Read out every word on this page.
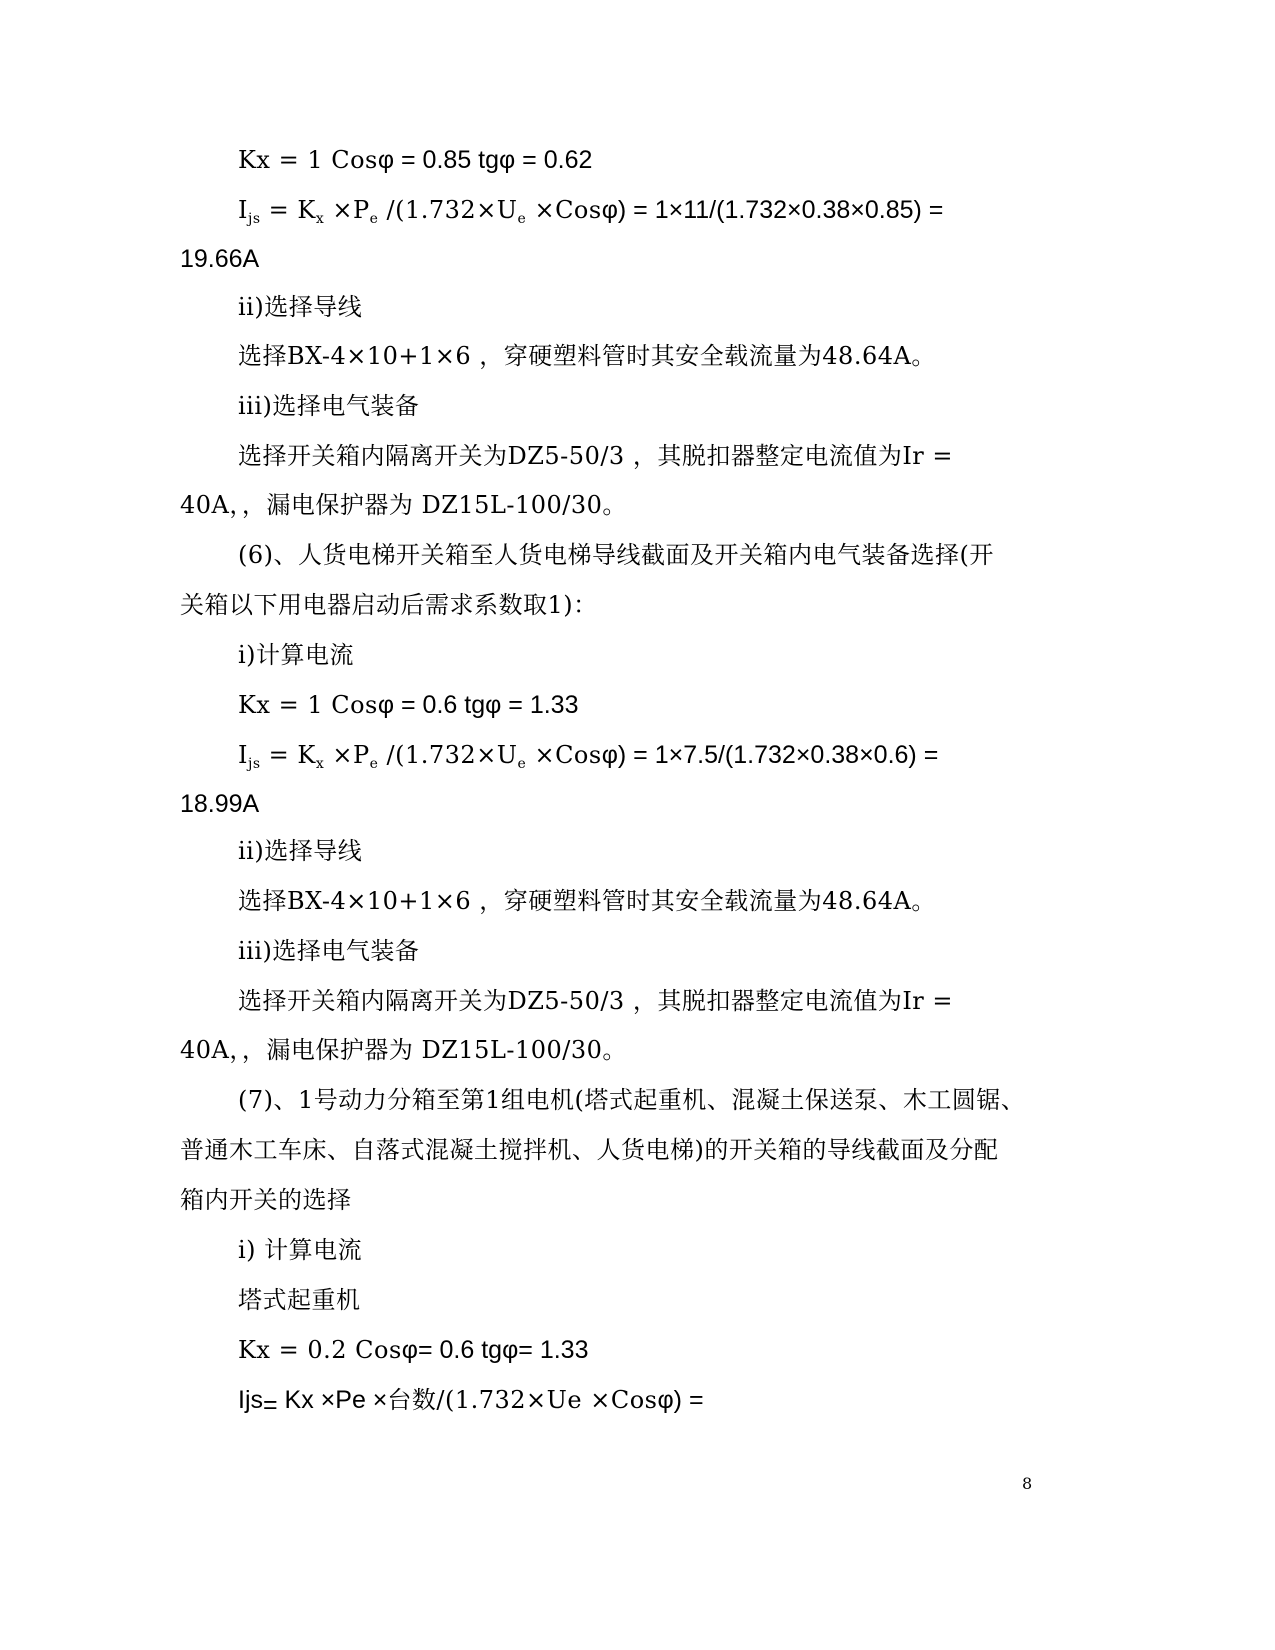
Kx = 1 Cosφ = 0.85 tgφ = 0.62
$I_{js} = K_x \times P_e$ $/(1.732\times U_e \times Cos\varphi) = 1\times 11/(1.732\times 0.38\times 0.85)$ =
19.66A
ii)选择导线
选择BX-4×10+1×6 ，穿硬塑料管时其安全载流量为48.64A。
iii)选择电气装备
选择开关箱内隔离开关为DZ5-50/3 ，其脱扣器整定电流值为Ir =
40A，，漏电保护器为 DZ15L-100/30。
(6)、人货电梯开关箱至人货电梯导线截面及开关箱内电气装备选择(开
关箱以下用电器启动后需求系数取1)：
i)计算电流
Kx = 1 Cosφ = 0.6 tgφ = 1.33
$I_{js} = K_x \times P_e$ $/(1.732\times U_e \times Cos\varphi) = 1\times 7.5/(1.732\times 0.38\times 0.6)$ =
18.99A
ii)选择导线
选择BX-4×10+1×6 ，穿硬塑料管时其安全载流量为48.64A。
iii)选择电气装备
选择开关箱内隔离开关为DZ5-50/3 ，其脱扣器整定电流值为Ir =
40A，，漏电保护器为 DZ15L-100/30。
(7)、1号动力分箱至第1组电机(塔式起重机、混凝土保送泵、木工圆锯、
普通木工车床、自落式混凝土搅拌机、人货电梯)的开关箱的导线截面及分配
箱内开关的选择
i) 计算电流
塔式起重机
Kx = 0.2 Cosφ= 0.6 tgφ= 1.33
Ijs$_=$ Kx ×Pe ×台数/(1.732×Ue ×Cosφ) =
8
